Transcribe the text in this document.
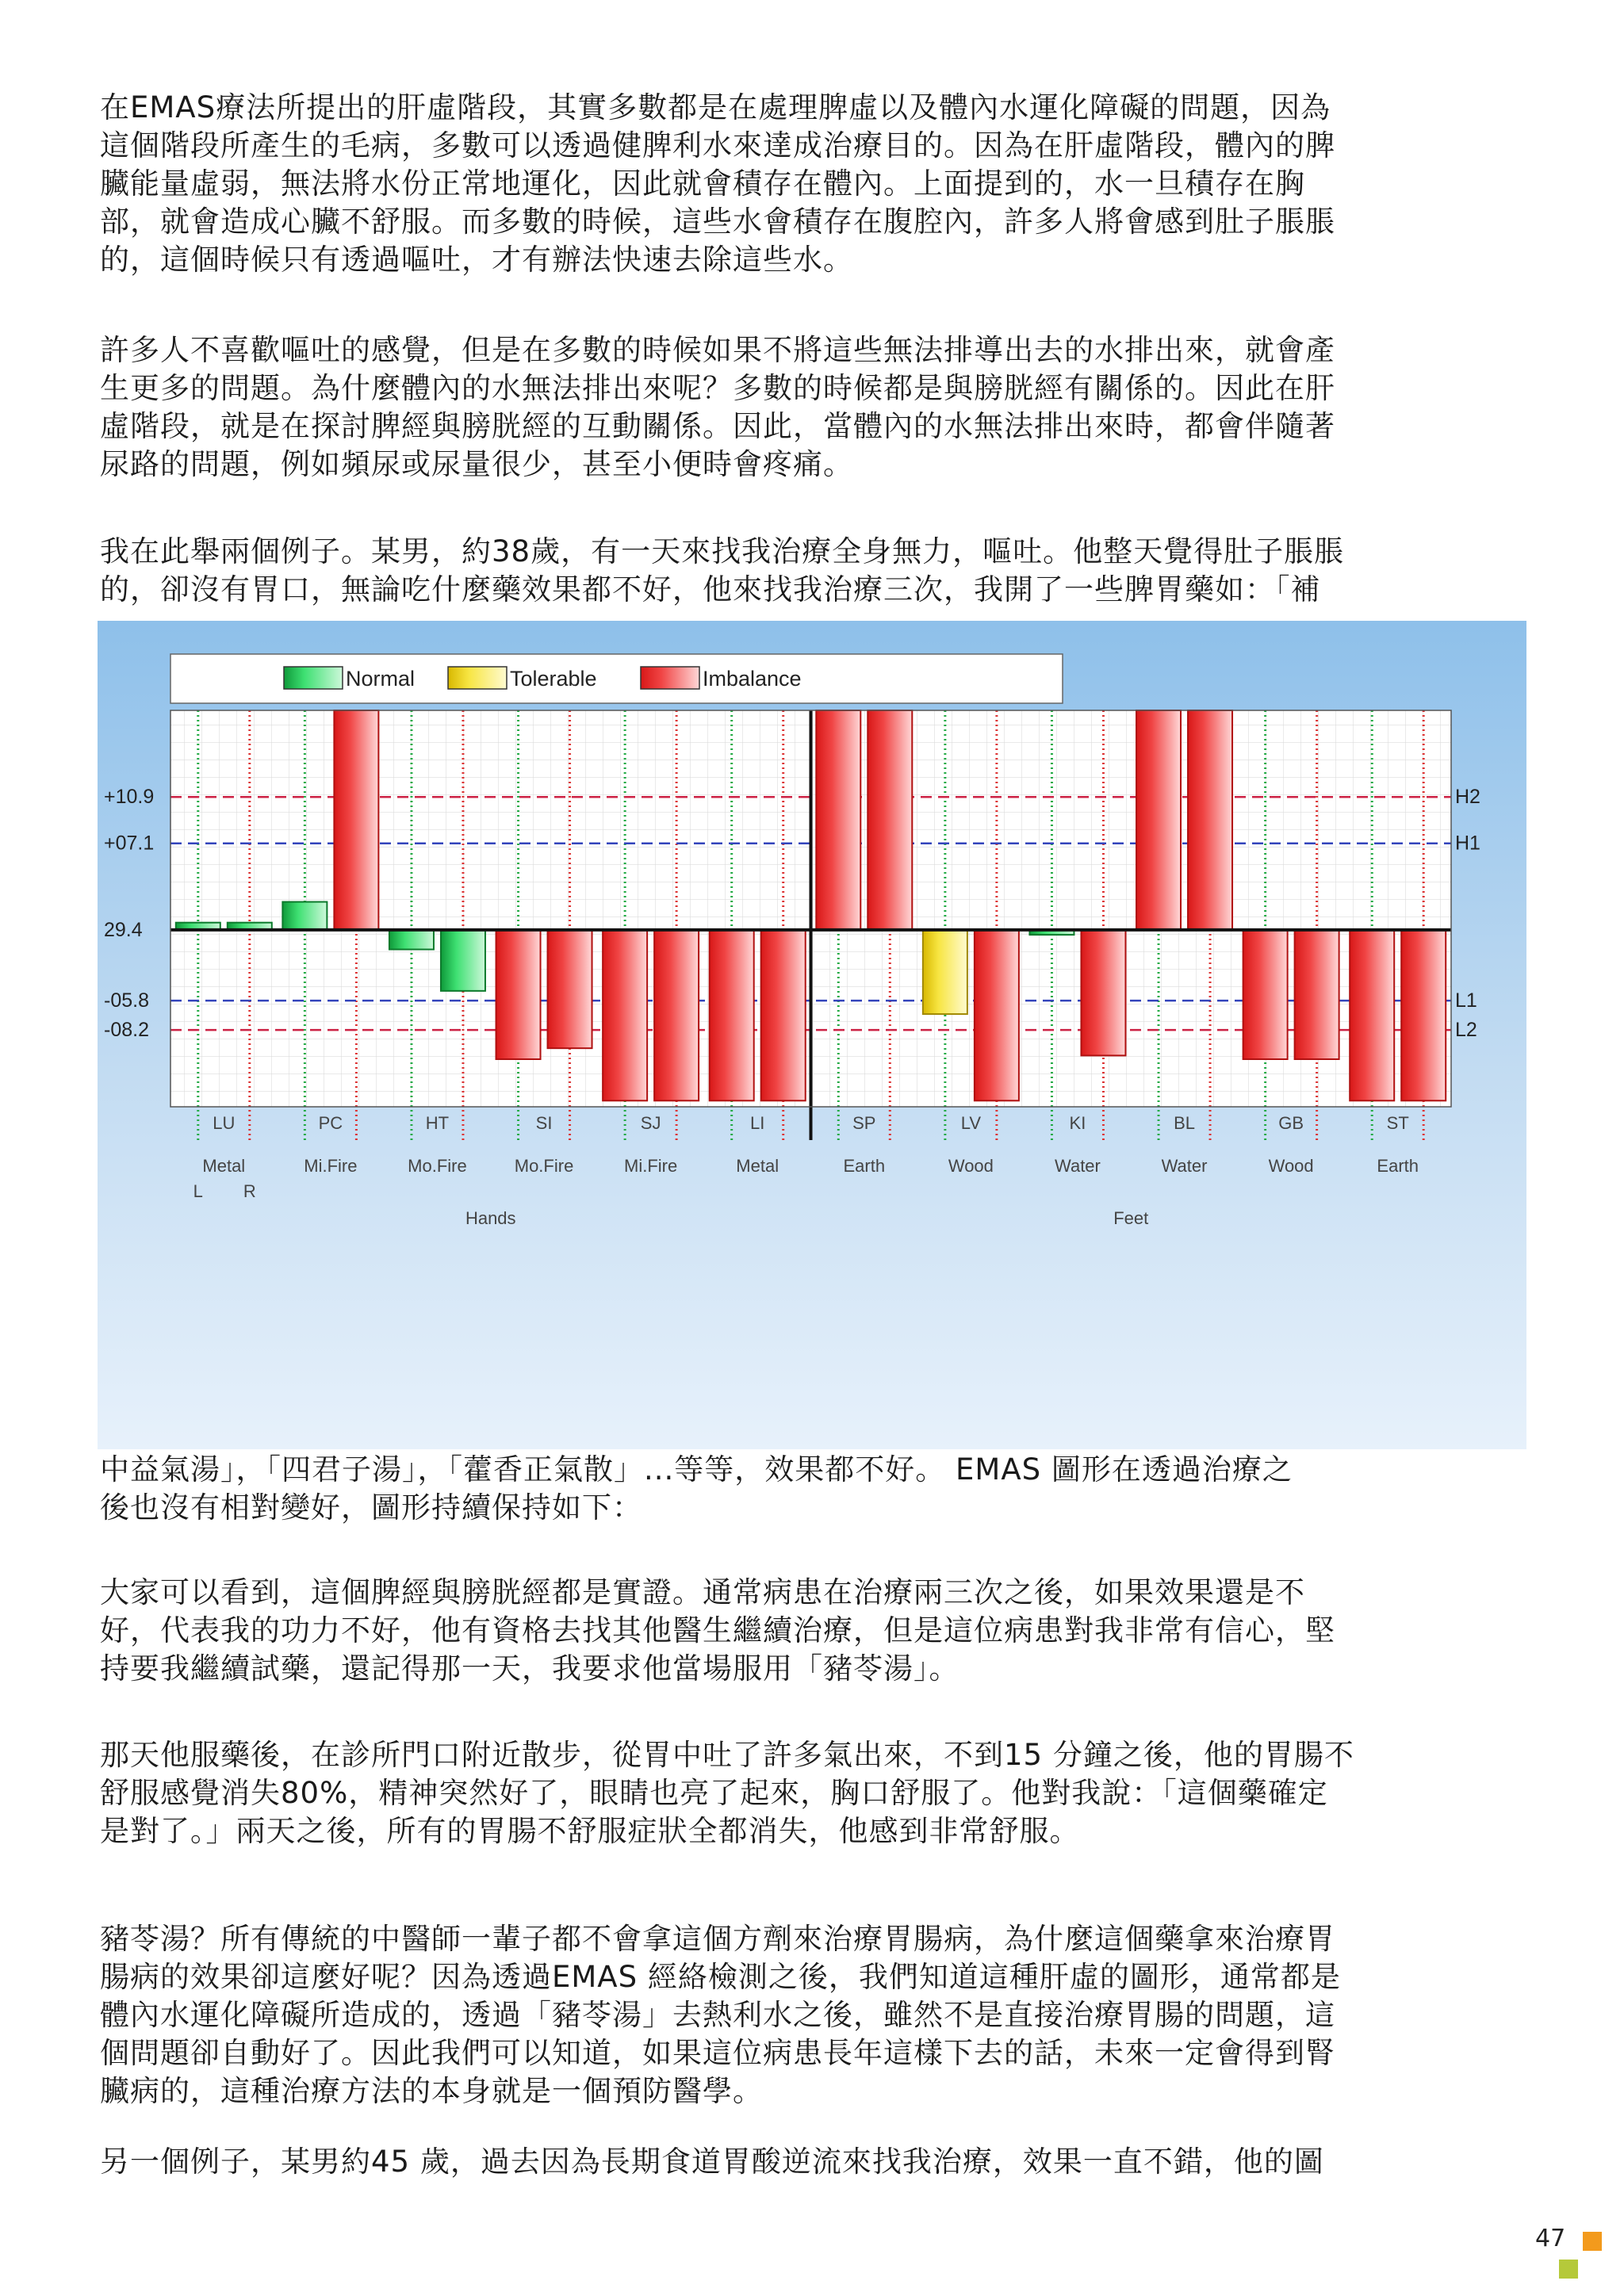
在EMAS療法所提出的肝虛階段，其實多數都是在處理脾虛以及體內水運化障礙的問題，因為
這個階段所產生的毛病，多數可以透過健脾利水來達成治療目的。因為在肝虛階段，體內的脾
臟能量虛弱，無法將水份正常地運化，因此就會積存在體內。上面提到的，水一旦積存在胸
部，就會造成心臟不舒服。而多數的時候，這些水會積存在腹腔內，許多人將會感到肚子脹脹
的，這個時候只有透過嘔吐，才有辦法快速去除這些水。
許多人不喜歡嘔吐的感覺，但是在多數的時候如果不將這些無法排導出去的水排出來，就會產
生更多的問題。為什麼體內的水無法排出來呢？多數的時候都是與膀胱經有關係的。因此在肝
虛階段，就是在探討脾經與膀胱經的互動關係。因此，當體內的水無法排出來時，都會伴隨著
尿路的問題，例如頻尿或尿量很少，甚至小便時會疼痛。
我在此舉兩個例子。某男，約38歲，有一天來找我治療全身無力，嘔吐。他整天覺得肚子脹脹
的，卻沒有胃口，無論吃什麼藥效果都不好，他來找我治療三次，我開了一些脾胃藥如：「補
中益氣湯」，「四君子湯」，「藿香正氣散」...等等，效果都不好。 EMAS 圖形在透過治療之
後也沒有相對變好，圖形持續保持如下：
大家可以看到，這個脾經與膀胱經都是實證。通常病患在治療兩三次之後，如果效果還是不
好，代表我的功力不好，他有資格去找其他醫生繼續治療，但是這位病患對我非常有信心，堅
持要我繼續試藥，還記得那一天，我要求他當場服用「豬苓湯」。
那天他服藥後，在診所門口附近散步，從胃中吐了許多氣出來，不到15 分鐘之後，他的胃腸不
舒服感覺消失80%，精神突然好了，眼睛也亮了起來，胸口舒服了。他對我說：「這個藥確定
是對了。」兩天之後，所有的胃腸不舒服症狀全都消失，他感到非常舒服。
豬苓湯？所有傳統的中醫師一輩子都不會拿這個方劑來治療胃腸病，為什麼這個藥拿來治療胃
腸病的效果卻這麼好呢？因為透過EMAS 經絡檢測之後，我們知道這種肝虛的圖形，通常都是
體內水運化障礙所造成的，透過「豬苓湯」去熱利水之後，雖然不是直接治療胃腸的問題，這
個問題卻自動好了。因此我們可以知道，如果這位病患長年這樣下去的話，未來一定會得到腎
臟病的，這種治療方法的本身就是一個預防醫學。
另一個例子，某男約45 歲，過去因為長期食道胃酸逆流來找我治療，效果一直不錯，他的圖
+10.9
+07.1
29.4
-05.8
-08.2
H2
H1
L1
L2
LU
Metal
PC
Mi.Fire
HT
Mo.Fire
SI
Mo.Fire
SJ
Mi.Fire
LI
Metal
SP
Earth
LV
Wood
KI
Water
BL
Water
GB
Wood
ST
Earth
L R
Hands	Feet
Normal	Tolerable	Imbalance
47
